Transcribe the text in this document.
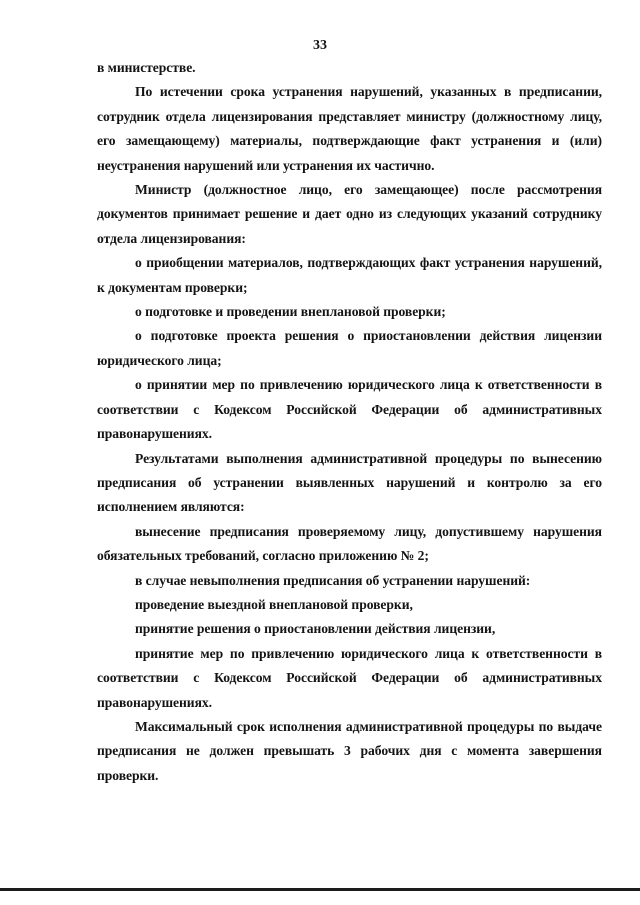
33

в министерстве.

По истечении срока устранения нарушений, указанных в предписании, сотрудник отдела лицензирования представляет министру (должностному лицу, его замещающему) материалы, подтверждающие факт устранения и (или) неустранения нарушений или устранения их частично.

Министр (должностное лицо, его замещающее) после рассмотрения документов принимает решение и дает одно из следующих указаний сотруднику отдела лицензирования:

о приобщении материалов, подтверждающих факт устранения нарушений, к документам проверки;

о подготовке и проведении внеплановой проверки;

о подготовке проекта решения о приостановлении действия лицензии юридического лица;

о принятии мер по привлечению юридического лица к ответственности в соответствии с Кодексом Российской Федерации об административных правонарушениях.

Результатами выполнения административной процедуры по вынесению предписания об устранении выявленных нарушений и контролю за его исполнением являются:

вынесение предписания проверяемому лицу, допустившему нарушения обязательных требований, согласно приложению № 2;

в случае невыполнения предписания об устранении нарушений:

проведение выездной внеплановой проверки,

принятие решения о приостановлении действия лицензии,

принятие мер по привлечению юридического лица к ответственности в соответствии с Кодексом Российской Федерации об административных правонарушениях.

Максимальный срок исполнения административной процедуры по выдаче предписания не должен превышать 3 рабочих дня с момента завершения проверки.
